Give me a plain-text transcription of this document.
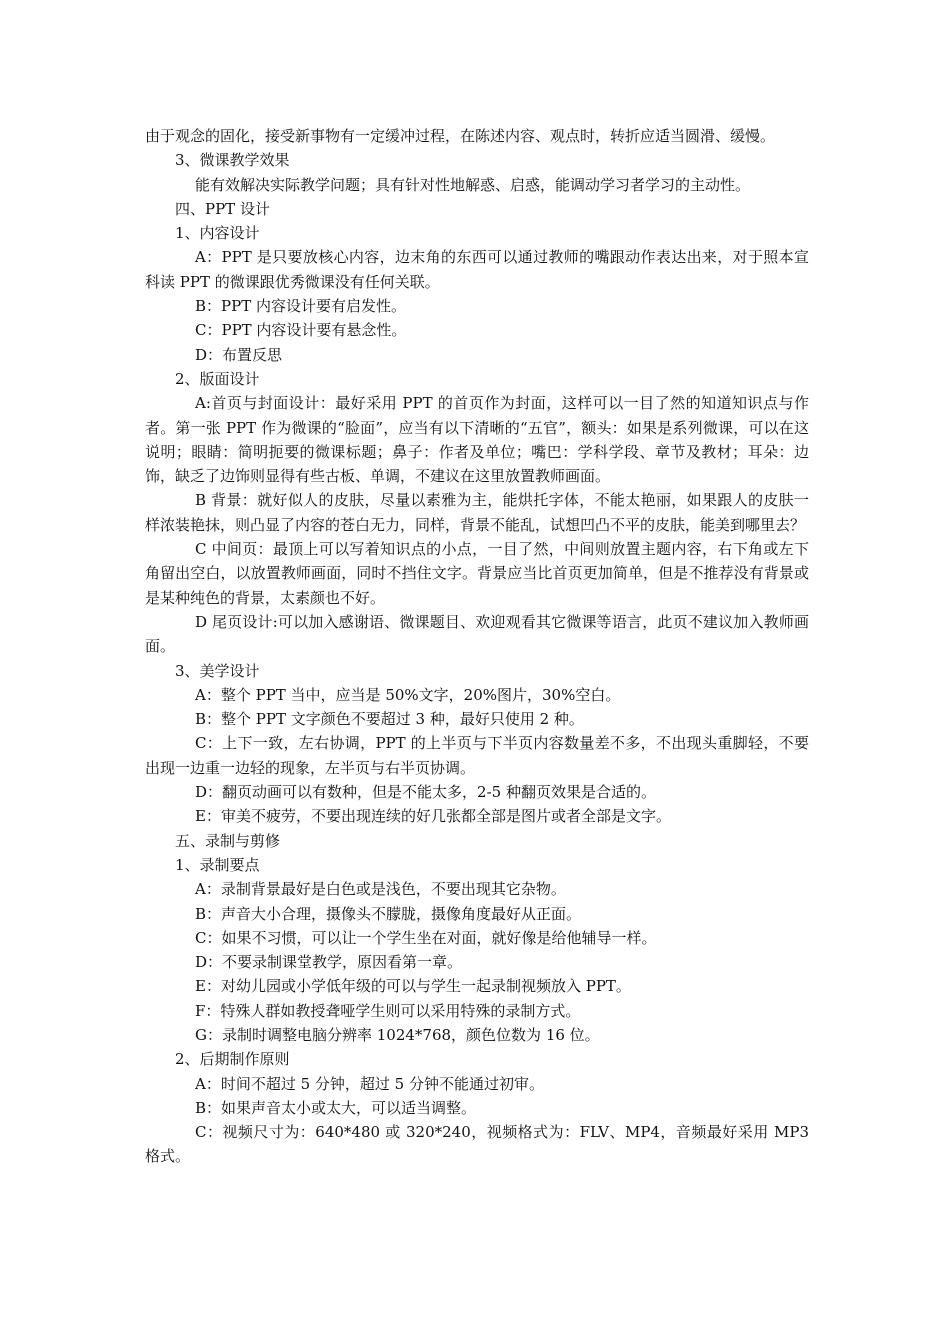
由于观念的固化，接受新事物有一定缓冲过程，在陈述内容、观点时，转折应适当圆滑、缓慢。

3、微课教学效果

能有效解决实际教学问题；具有针对性地解惑、启惑，能调动学习者学习的主动性。

四、PPT 设计

1、内容设计

A：PPT 是只要放核心内容，边末角的东西可以通过教师的嘴跟动作表达出来，对于照本宣科读 PPT 的微课跟优秀微课没有任何关联。

B：PPT 内容设计要有启发性。

C：PPT 内容设计要有悬念性。

D：布置反思

2、版面设计

A:首页与封面设计：最好采用 PPT 的首页作为封面，这样可以一目了然的知道知识点与作者。第一张 PPT 作为微课的“脸面”，应当有以下清晰的“五官”，额头：如果是系列微课，可以在这说明；眼睛：简明扼要的微课标题；鼻子：作者及单位；嘴巴：学科学段、章节及教材；耳朵：边饰，缺乏了边饰则显得有些古板、单调，不建议在这里放置教师画面。

B 背景：就好似人的皮肤，尽量以素雅为主，能烘托字体，不能太艳丽，如果跟人的皮肤一样浓装艳抹，则凸显了内容的苍白无力，同样，背景不能乱，试想凹凸不平的皮肤，能美到哪里去？

C 中间页：最顶上可以写着知识点的小点，一目了然，中间则放置主题内容，右下角或左下角留出空白，以放置教师画面，同时不挡住文字。背景应当比首页更加简单，但是不推荐没有背景或是某种纯色的背景，太素颜也不好。

D 尾页设计:可以加入感谢语、微课题目、欢迎观看其它微课等语言，此页不建议加入教师画面。

3、美学设计

A：整个 PPT 当中，应当是 50%文字，20%图片，30%空白。

B：整个 PPT 文字颜色不要超过 3 种，最好只使用 2 种。

C：上下一致，左右协调，PPT 的上半页与下半页内容数量差不多，不出现头重脚轻，不要出现一边重一边轻的现象，左半页与右半页协调。

D：翻页动画可以有数种，但是不能太多，2-5 种翻页效果是合适的。

E：审美不疲劳，不要出现连续的好几张都全部是图片或者全部是文字。

五、录制与剪修

1、录制要点

A：录制背景最好是白色或是浅色，不要出现其它杂物。

B：声音大小合理，摄像头不朦胧，摄像角度最好从正面。

C：如果不习惯，可以让一个学生坐在对面，就好像是给他辅导一样。

D：不要录制课堂教学，原因看第一章。

E：对幼儿园或小学低年级的可以与学生一起录制视频放入 PPT。

F：特殊人群如教授聋哑学生则可以采用特殊的录制方式。

G：录制时调整电脑分辨率 1024*768，颜色位数为 16 位。

2、后期制作原则

A：时间不超过 5 分钟，超过 5 分钟不能通过初审。

B：如果声音太小或太大，可以适当调整。

C：视频尺寸为：640*480 或 320*240，视频格式为：FLV、MP4，音频最好采用 MP3 格式。
